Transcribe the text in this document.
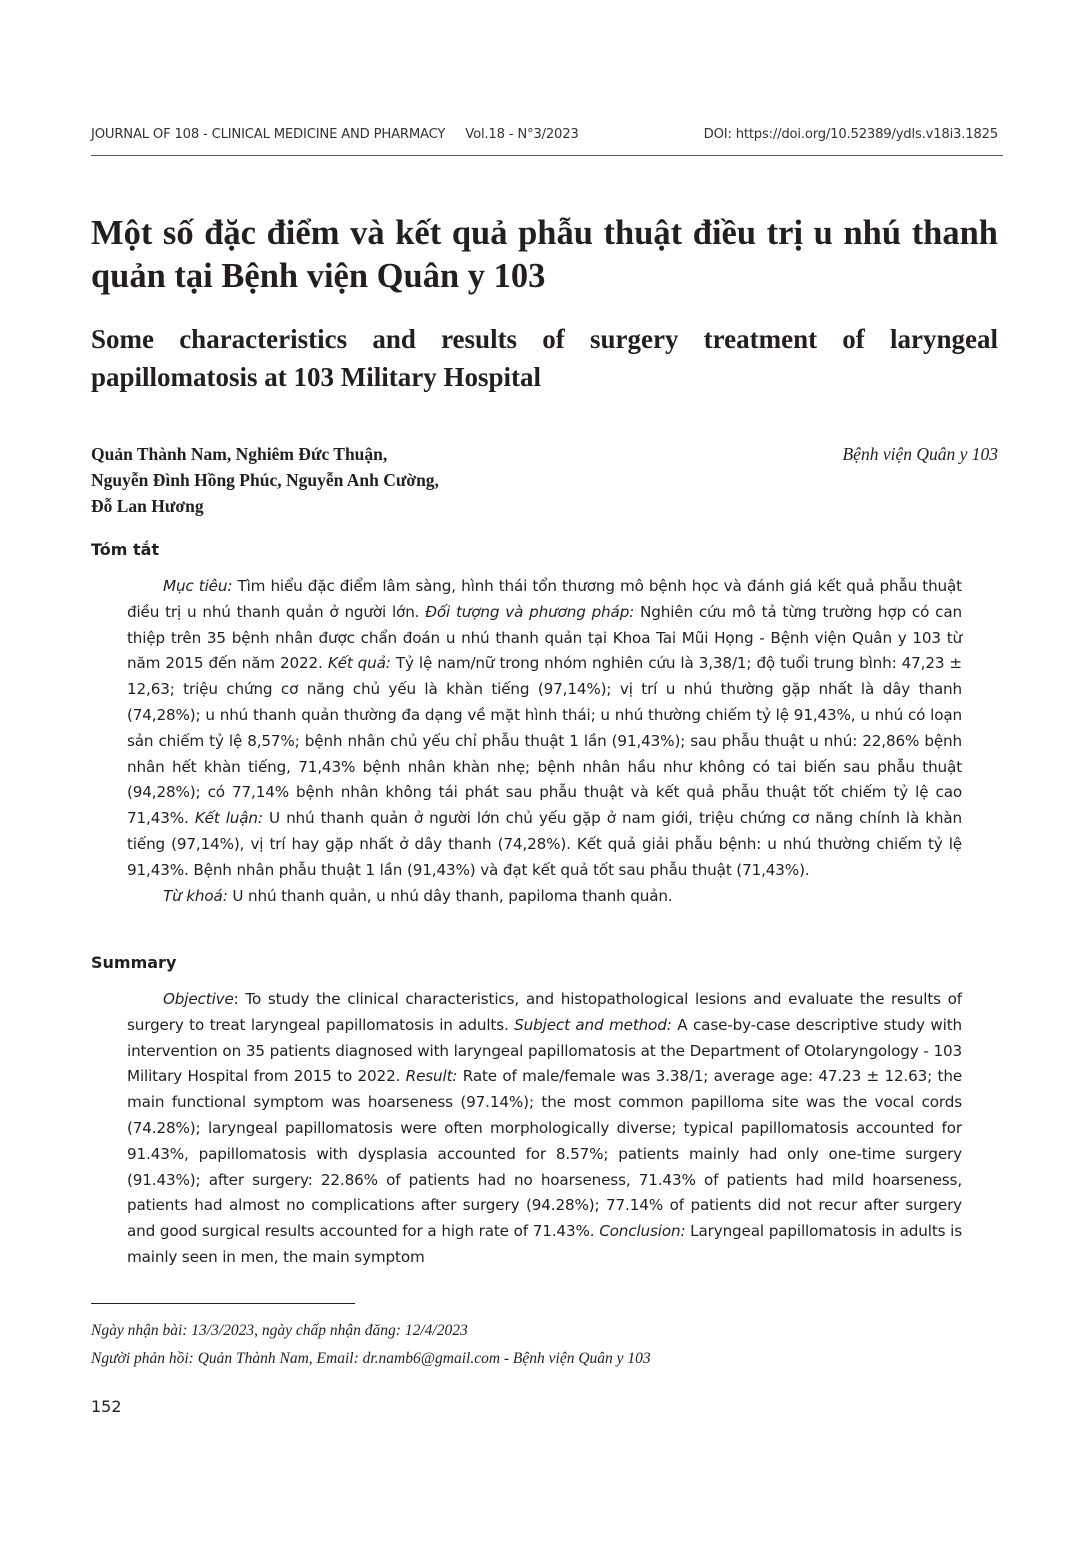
JOURNAL OF 108 - CLINICAL MEDICINE AND PHARMACY Vol.18 - N°3/2023	DOI: https://doi.org/10.52389/ydls.v18i3.1825
Một số đặc điểm và kết quả phẫu thuật điều trị u nhú thanh quản tại Bệnh viện Quân y 103
Some characteristics and results of surgery treatment of laryngeal papillomatosis at 103 Military Hospital
Quản Thành Nam, Nghiêm Đức Thuận,
Nguyễn Đình Hồng Phúc, Nguyễn Anh Cường,
Đỗ Lan Hương
Bệnh viện Quân y 103
Tóm tắt

Mục tiêu: Tìm hiểu đặc điểm lâm sàng, hình thái tổn thương mô bệnh học và đánh giá kết quả phẫu thuật điều trị u nhú thanh quản ở người lớn. Đối tượng và phương pháp: Nghiên cứu mô tả từng trường hợp có can thiệp trên 35 bệnh nhân được chẩn đoán u nhú thanh quản tại Khoa Tai Mũi Họng - Bệnh viện Quân y 103 từ năm 2015 đến năm 2022. Kết quả: Tỷ lệ nam/nữ trong nhóm nghiên cứu là 3,38/1; độ tuổi trung bình: 47,23 ± 12,63; triệu chứng cơ năng chủ yếu là khàn tiếng (97,14%); vị trí u nhú thường gặp nhất là dây thanh (74,28%); u nhú thanh quản thường đa dạng về mặt hình thái; u nhú thường chiếm tỷ lệ 91,43%, u nhú có loạn sản chiếm tỷ lệ 8,57%; bệnh nhân chủ yếu chỉ phẫu thuật 1 lần (91,43%); sau phẫu thuật u nhú: 22,86% bệnh nhân hết khàn tiếng, 71,43% bệnh nhân khàn nhẹ; bệnh nhân hầu như không có tai biến sau phẫu thuật (94,28%); có 77,14% bệnh nhân không tái phát sau phẫu thuật và kết quả phẫu thuật tốt chiếm tỷ lệ cao 71,43%. Kết luận: U nhú thanh quản ở người lớn chủ yếu gặp ở nam giới, triệu chứng cơ năng chính là khàn tiếng (97,14%), vị trí hay gặp nhất ở dây thanh (74,28%). Kết quả giải phẫu bệnh: u nhú thường chiếm tỷ lệ 91,43%. Bệnh nhân phẫu thuật 1 lần (91,43%) và đạt kết quả tốt sau phẫu thuật (71,43%).

Từ khoá: U nhú thanh quản, u nhú dây thanh, papiloma thanh quản.

Summary

Objective: To study the clinical characteristics, and histopathological lesions and evaluate the results of surgery to treat laryngeal papillomatosis in adults. Subject and method: A case-by-case descriptive study with intervention on 35 patients diagnosed with laryngeal papillomatosis at the Department of Otolaryngology - 103 Military Hospital from 2015 to 2022. Result: Rate of male/female was 3.38/1; average age: 47.23 ± 12.63; the main functional symptom was hoarseness (97.14%); the most common papilloma site was the vocal cords (74.28%); laryngeal papillomatosis were often morphologically diverse; typical papillomatosis accounted for 91.43%, papillomatosis with dysplasia accounted for 8.57%; patients mainly had only one-time surgery (91.43%); after surgery: 22.86% of patients had no hoarseness, 71.43% of patients had mild hoarseness, patients had almost no complications after surgery (94.28%); 77.14% of patients did not recur after surgery and good surgical results accounted for a high rate of 71.43%. Conclusion: Laryngeal papillomatosis in adults is mainly seen in men, the main symptom

Ngày nhận bài: 13/3/2023, ngày chấp nhận đăng: 12/4/2023
Người phản hồi: Quản Thành Nam, Email: dr.namb6@gmail.com - Bệnh viện Quân y 103
152
